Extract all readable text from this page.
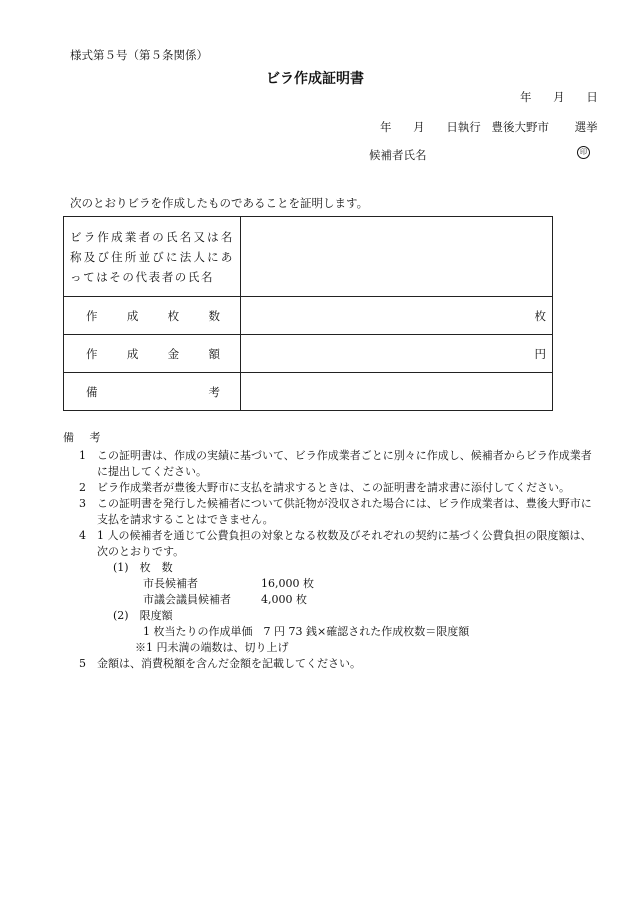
様式第５号（第５条関係）
ビラ作成証明書
年 月 日
年 月 日執行 豊後大野市 選挙
候補者氏名	印
次のとおりビラを作成したものであることを証明します。
ビラ作成業者の氏名又は名称及び住所並びに法人にあってはその代表者の氏名	

作 成 枚 数	枚

作 成 金 額	円

備 考	

備 考
1 この証明書は、作成の実績に基づいて、ビラ作成業者ごとに別々に作成し、候補者からビラ作成業者に提出してください。
2 ビラ作成業者が豊後大野市に支払を請求するときは、この証明書を請求書に添付してください。
3 この証明書を発行した候補者について供託物が没収された場合には、ビラ作成業者は、豊後大野市に支払を請求することはできません。
4 1 人の候補者を通じて公費負担の対象となる枚数及びそれぞれの契約に基づく公費負担の限度額は、次のとおりです。
(1)　枚　数
市長候補者	16,000 枚
市議会議員候補者	4,000 枚
(2)　限度額
1 枚当たりの作成単価　7 円 73 銭×確認された作成枚数＝限度額
※1 円未満の端数は、切り上げ
5 金額は、消費税額を含んだ金額を記載してください。
